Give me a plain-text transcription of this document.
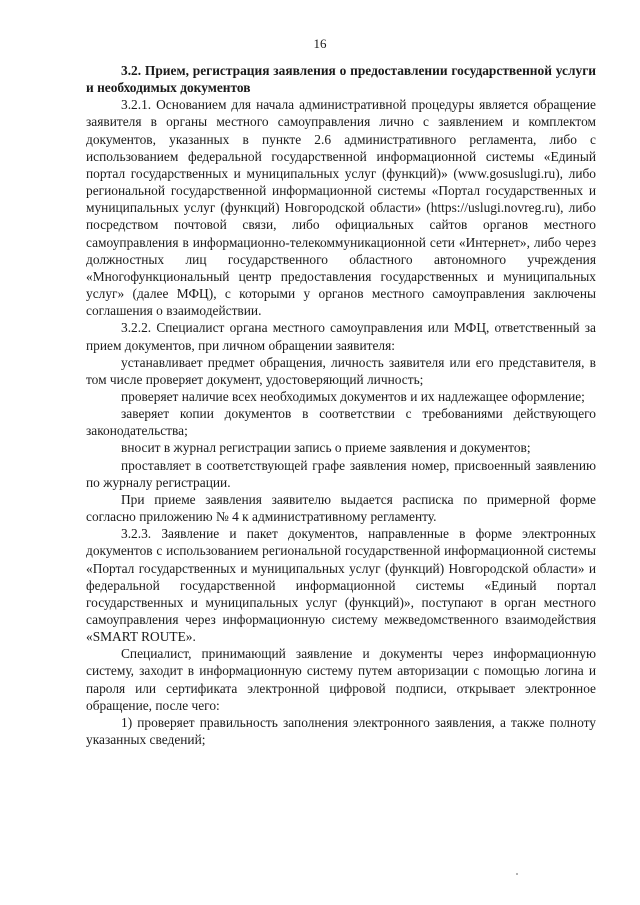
16

3.2. Прием, регистрация заявления о предоставлении государственной услуги и необходимых документов

3.2.1. Основанием для начала административной процедуры является обращение заявителя в органы местного самоуправления лично с заявлением и комплектом документов, указанных в пункте 2.6 административного регламента, либо с использованием федеральной государственной информационной системы «Единый портал государственных и муниципальных услуг (функций)» (www.gosuslugi.ru), либо региональной государственной информационной системы «Портал государственных и муниципальных услуг (функций) Новгородской области» (https://uslugi.novreg.ru), либо посредством почтовой связи, либо официальных сайтов органов местного самоуправления в информационно-телекоммуникационной сети «Интернет», либо через должностных лиц государственного областного автономного учреждения «Многофункциональный центр предоставления государственных и муниципальных услуг» (далее МФЦ), с которыми у органов местного самоуправления заключены соглашения о взаимодействии.

3.2.2. Специалист органа местного самоуправления или МФЦ, ответственный за прием документов, при личном обращении заявителя:

устанавливает предмет обращения, личность заявителя или его представителя, в том числе проверяет документ, удостоверяющий личность;

проверяет наличие всех необходимых документов и их надлежащее оформление;

заверяет копии документов в соответствии с требованиями действующего законодательства;

вносит в журнал регистрации запись о приеме заявления и документов;

проставляет в соответствующей графе заявления номер, присвоенный заявлению по журналу регистрации.

При приеме заявления заявителю выдается расписка по примерной форме согласно приложению № 4 к административному регламенту.

3.2.3. Заявление и пакет документов, направленные в форме электронных документов с использованием региональной государственной информационной системы «Портал государственных и муниципальных услуг (функций) Новгородской области» и федеральной государственной информационной системы «Единый портал государственных и муниципальных услуг (функций)», поступают в орган местного самоуправления через информационную систему межведомственного взаимодействия «SMART ROUTE».

Специалист, принимающий заявление и документы через информационную систему, заходит в информационную систему путем авторизации с помощью логина и пароля или сертификата электронной цифровой подписи, открывает электронное обращение, после чего:

1) проверяет правильность заполнения электронного заявления, а также полноту указанных сведений;
